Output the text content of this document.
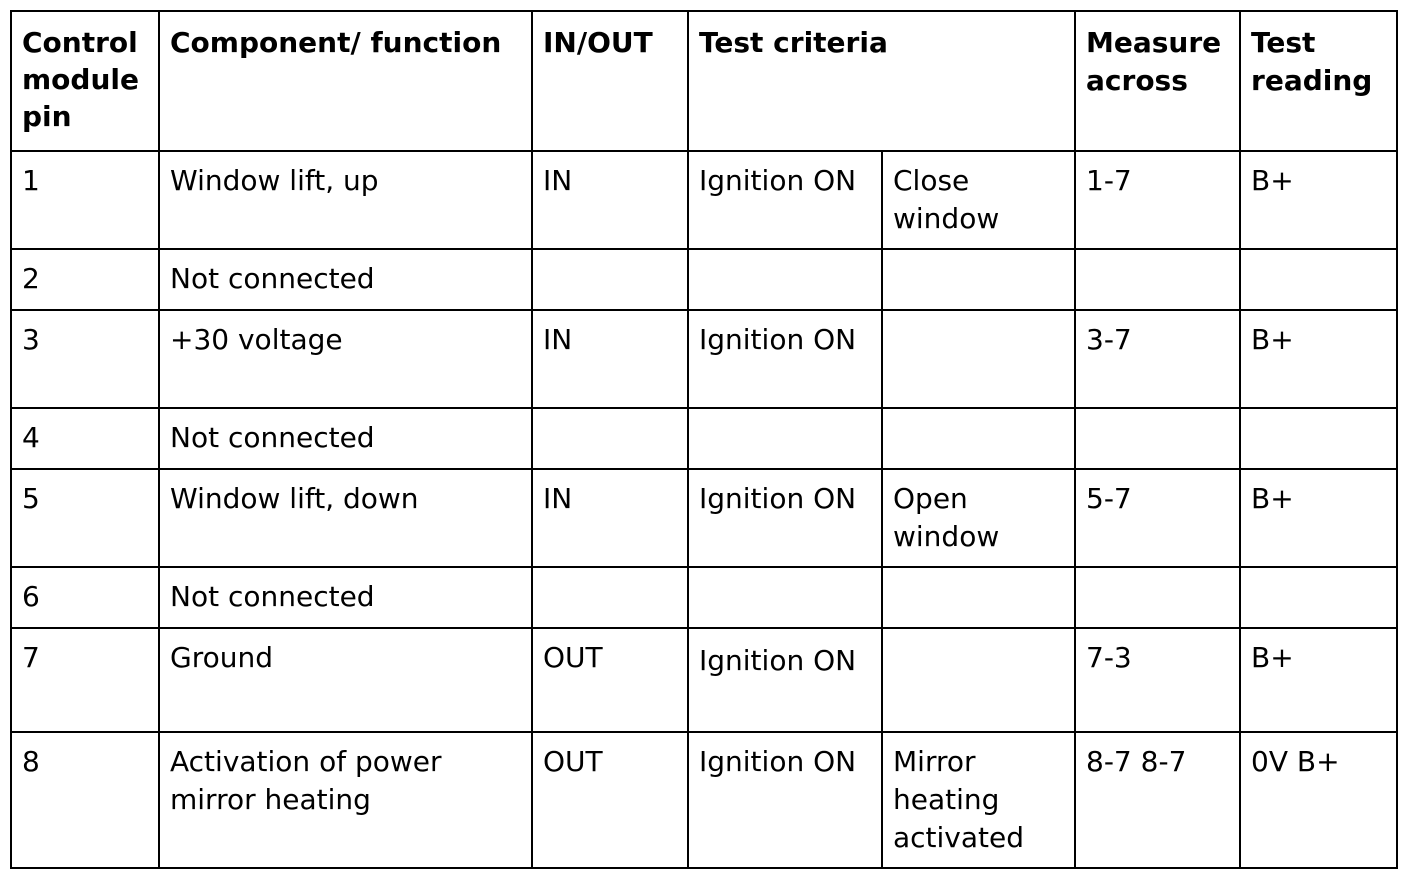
Control module pin	Component/ function	IN/OUT	Test criteria		Measure across	Test reading
1	Window lift, up	IN	Ignition ON	Close window	1-7	B+
2	Not connected					
3	+30 voltage	IN	Ignition ON		3-7	B+
4	Not connected					
5	Window lift, down	IN	Ignition ON	Open window	5-7	B+
6	Not connected					
7	Ground	OUT	Ignition ON		7-3	B+
8	Activation of power mirror heating	OUT	Ignition ON	Mirror heating activated	8-7 8-7	0V B+
